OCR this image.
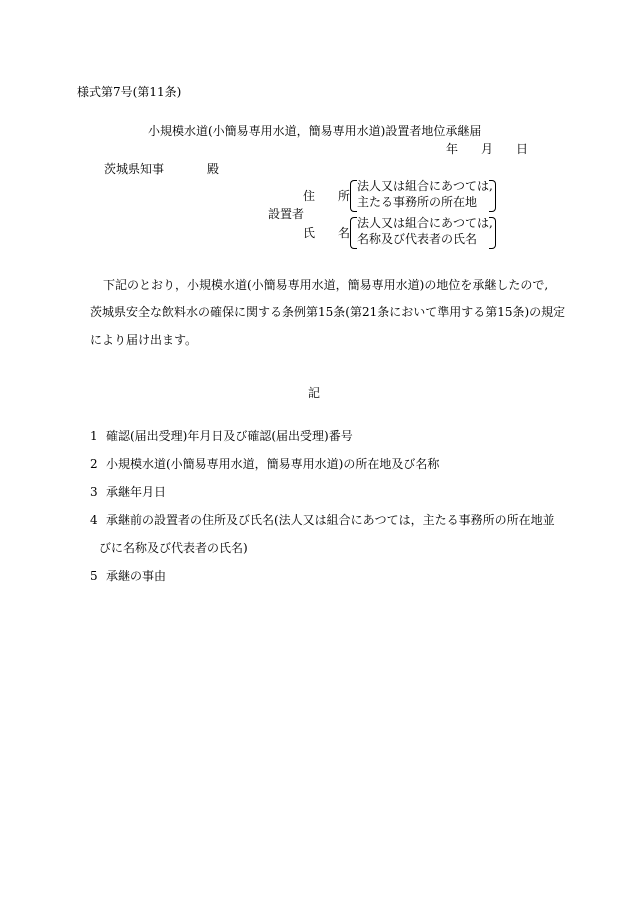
様式第7号(第11条)
小規模水道(小簡易専用水道，簡易専用水道)設置者地位承継届
年 月 日
茨城県知事	殿
住 所
法人又は組合にあつては,
主たる事務所の所在地
設置者
氏 名
法人又は組合にあつては,
名称及び代表者の氏名
下記のとおり，小規模水道(小簡易専用水道，簡易専用水道)の地位を承継したので,
茨城県安全な飲料水の確保に関する条例第15条(第21条において準用する第15条)の規定
により届け出ます。
記
1 確認(届出受理)年月日及び確認(届出受理)番号
2 小規模水道(小簡易専用水道，簡易専用水道)の所在地及び名称
3 承継年月日
4 承継前の設置者の住所及び氏名(法人又は組合にあつては，主たる事務所の所在地並
びに名称及び代表者の氏名)
5 承継の事由
